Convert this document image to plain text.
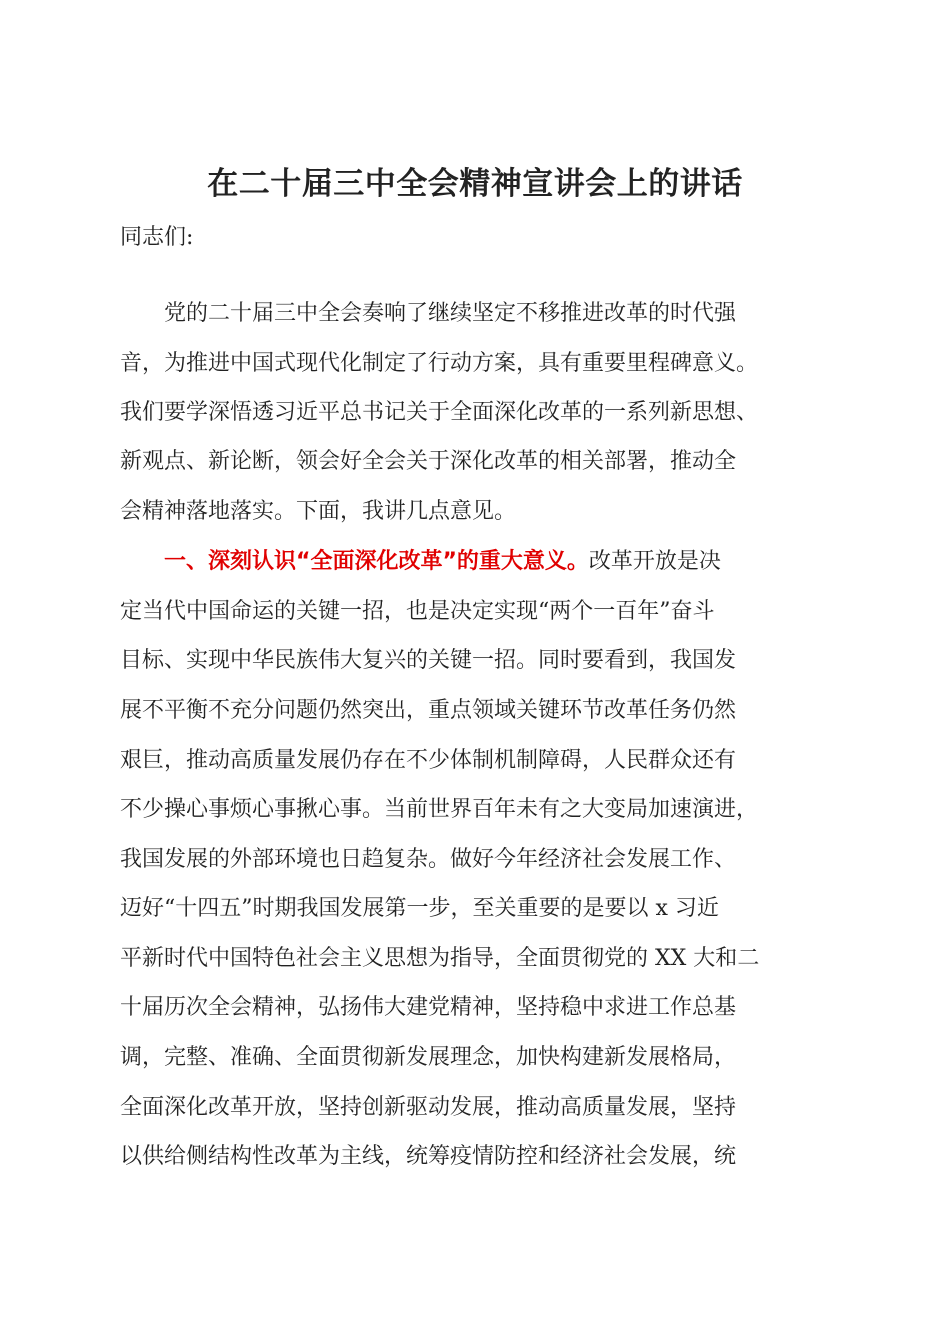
在二十届三中全会精神宣讲会上的讲话
同志们:
党的二十届三中全会奏响了继续坚定不移推进改革的时代强
音，为推进中国式现代化制定了行动方案，具有重要里程碑意义。
我们要学深悟透习近平总书记关于全面深化改革的一系列新思想、
新观点、新论断，领会好全会关于深化改革的相关部署，推动全
会精神落地落实。下面，我讲几点意见。
一、深刻认识“全面深化改革”的重大意义。改革开放是决
定当代中国命运的关键一招，也是决定实现“两个一百年”奋斗
目标、实现中华民族伟大复兴的关键一招。同时要看到，我国发
展不平衡不充分问题仍然突出，重点领域关键环节改革任务仍然
艰巨，推动高质量发展仍存在不少体制机制障碍，人民群众还有
不少操心事烦心事揪心事。当前世界百年未有之大变局加速演进，
我国发展的外部环境也日趋复杂。做好今年经济社会发展工作、
迈好“十四五”时期我国发展第一步，至关重要的是要以 x 习近
平新时代中国特色社会主义思想为指导，全面贯彻党的 XX 大和二
十届历次全会精神，弘扬伟大建党精神，坚持稳中求进工作总基
调，完整、准确、全面贯彻新发展理念，加快构建新发展格局，
全面深化改革开放，坚持创新驱动发展，推动高质量发展，坚持
以供给侧结构性改革为主线，统筹疫情防控和经济社会发展，统
